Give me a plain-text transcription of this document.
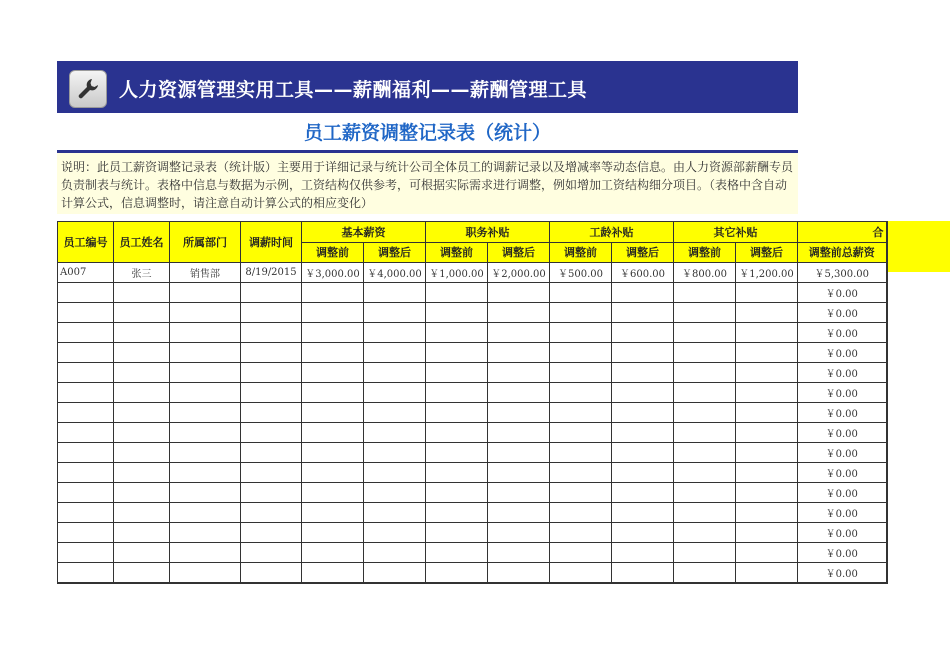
人力资源管理实用工具——薪酬福利——薪酬管理工具
员工薪资调整记录表（统计）
说明：此员工薪资调整记录表（统计版）主要用于详细记录与统计公司全体员工的调薪记录以及增减率等动态信息。由人力资源部薪酬专员负责制表与统计。表格中信息与数据为示例，工资结构仅供参考，可根据实际需求进行调整，例如增加工资结构细分项目。（表格中含自动计算公式，信息调整时，请注意自动计算公式的相应变化）
员工编号	员工姓名	所属部门	调薪时间	基本薪资		职务补贴		工龄补贴		其它补贴		合
				调整前	调整后	调整前	调整后	调整前	调整后	调整前	调整后	调整前总薪资
A007	张三	销售部	8/19/2015	￥3,000.00	￥4,000.00	￥1,000.00	￥2,000.00	￥500.00	￥600.00	￥800.00	￥1,200.00	￥5,300.00
												￥0.00
												￥0.00
												￥0.00
												￥0.00
												￥0.00
												￥0.00
												￥0.00
												￥0.00
												￥0.00
												￥0.00
												￥0.00
												￥0.00
												￥0.00
												￥0.00
												￥0.00
